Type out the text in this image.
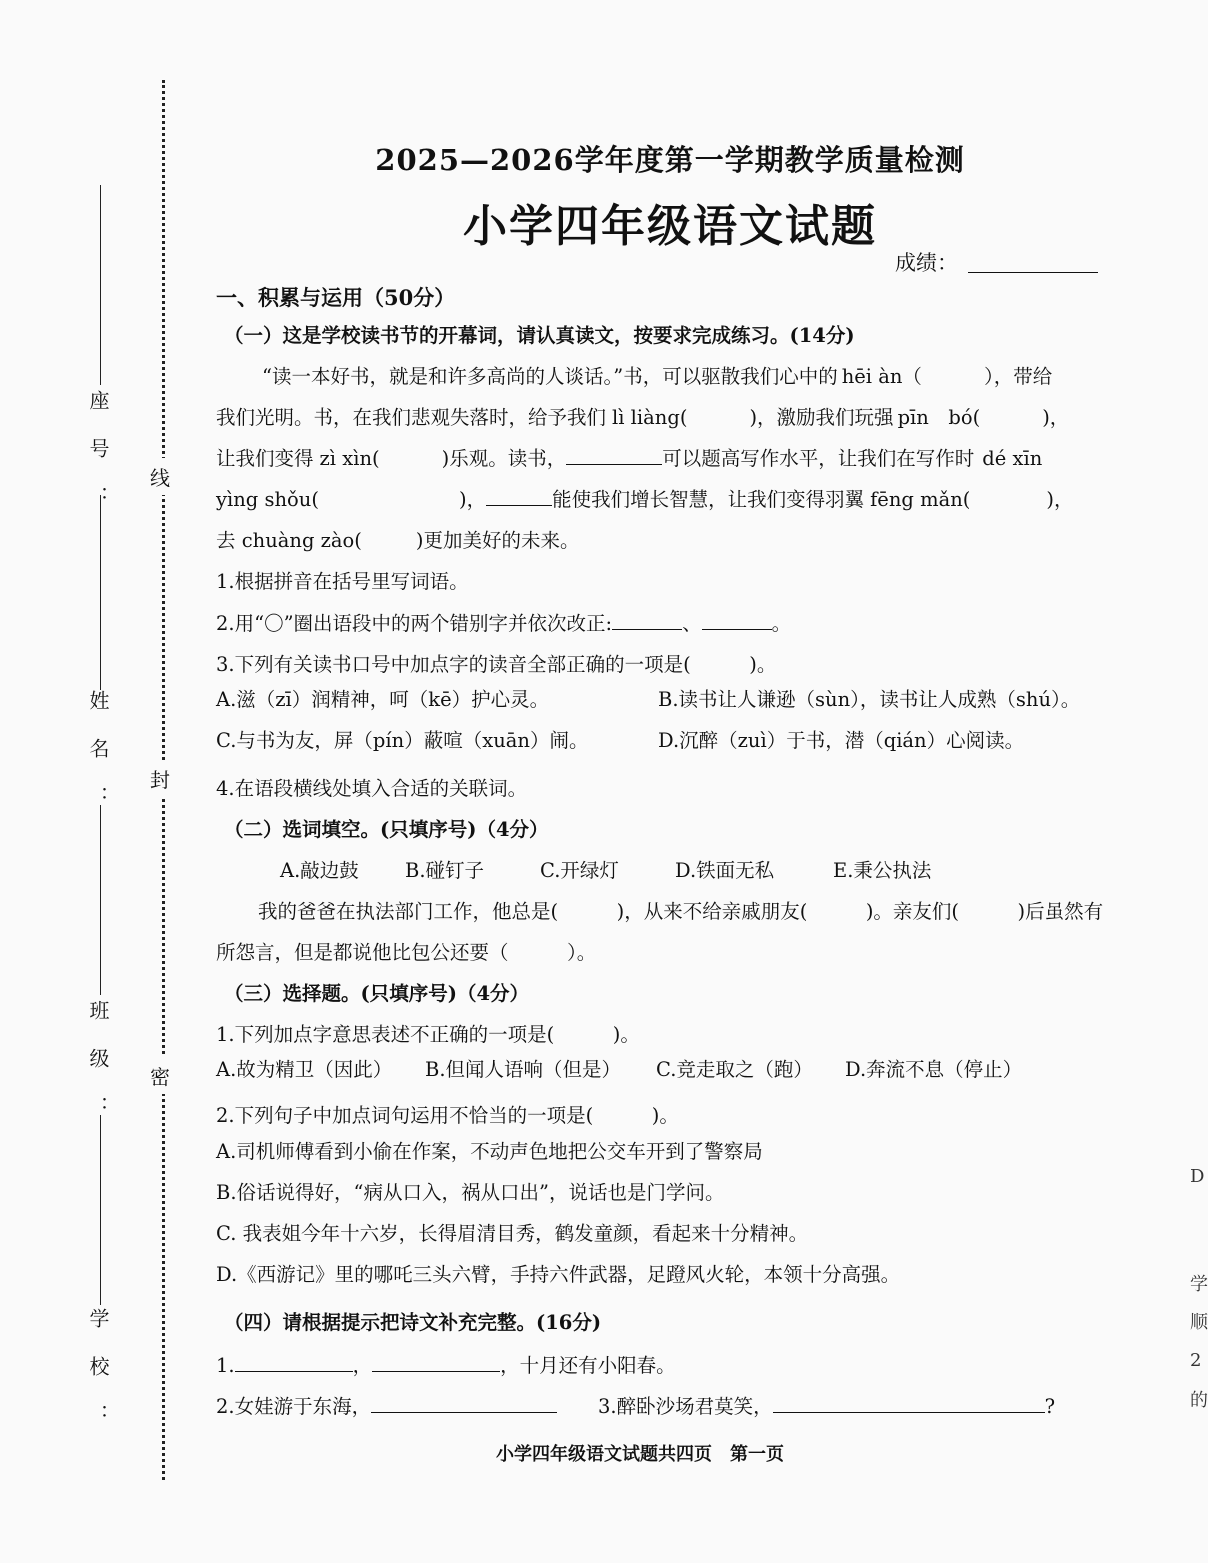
线
封
密
座号：
姓名：
班级：
学校：
2025—2026学年度第一学期教学质量检测
小学四年级语文试题
成绩：
一、积累与运用（50分）
（一）这是学校读书节的开幕词，请认真读文，按要求完成练习。(14分)
“读一本好书，就是和许多高尚的人谈话。”书，可以驱散我们心中的 hēi àn（	），带给
我们光明。书，在我们悲观失落时，给予我们 lì liàng(	)，激励我们玩强 pīn　bó(	)，
让我们变得 zì xìn(	)乐观。读书，	可以题高写作水平，让我们在写作时 dé xīn
yìng shǒu(	)，	能使我们增长智慧，让我们变得羽翼 fēng mǎn(	)，
去 chuàng zào(	)更加美好的未来。
1.根据拼音在括号里写词语。
2.用“〇”圈出语段中的两个错别字并依次改正:	、	。
3.下列有关读书口号中加点字的读音全部正确的一项是(　　　)。
A.滋（zī）润精神，呵（kē）护心灵。	B.读书让人谦逊（sùn），读书让人成熟（shú）。
C.与书为友，屏（pín）蔽喧（xuān）闹。	D.沉醉（zuì）于书，潜（qián）心阅读。
4.在语段横线处填入合适的关联词。
（二）选词填空。(只填序号)（4分）
A.敲边鼓 B.碰钉子	C.开绿灯	D.铁面无私	E.秉公执法
我的爸爸在执法部门工作，他总是(　　　)，从来不给亲戚朋友(　　　)。亲友们(　　　)后虽然有
所怨言，但是都说他比包公还要（　　　）。
（三）选择题。(只填序号)（4分）
1.下列加点字意思表述不正确的一项是(　　　)。
A.故为精卫（因此） B.但闻人语响（但是） C.竞走取之（跑） D.奔流不息（停止）
2.下列句子中加点词句运用不恰当的一项是(　　　)。
A.司机师傅看到小偷在作案，不动声色地把公交车开到了警察局
B.俗话说得好，“病从口入，祸从口出”，说话也是门学问。
C. 我表姐今年十六岁，长得眉清目秀，鹤发童颜，看起来十分精神。
D.《西游记》里的哪吒三头六臂，手持六件武器，足蹬风火轮，本领十分高强。
（四）请根据提示把诗文补充完整。(16分)
1.	，	，十月还有小阳春。
2.女娃游于东海，	3.醉卧沙场君莫笑，	?
小学四年级语文试题共四页　第一页
D
学
顺
2
的
